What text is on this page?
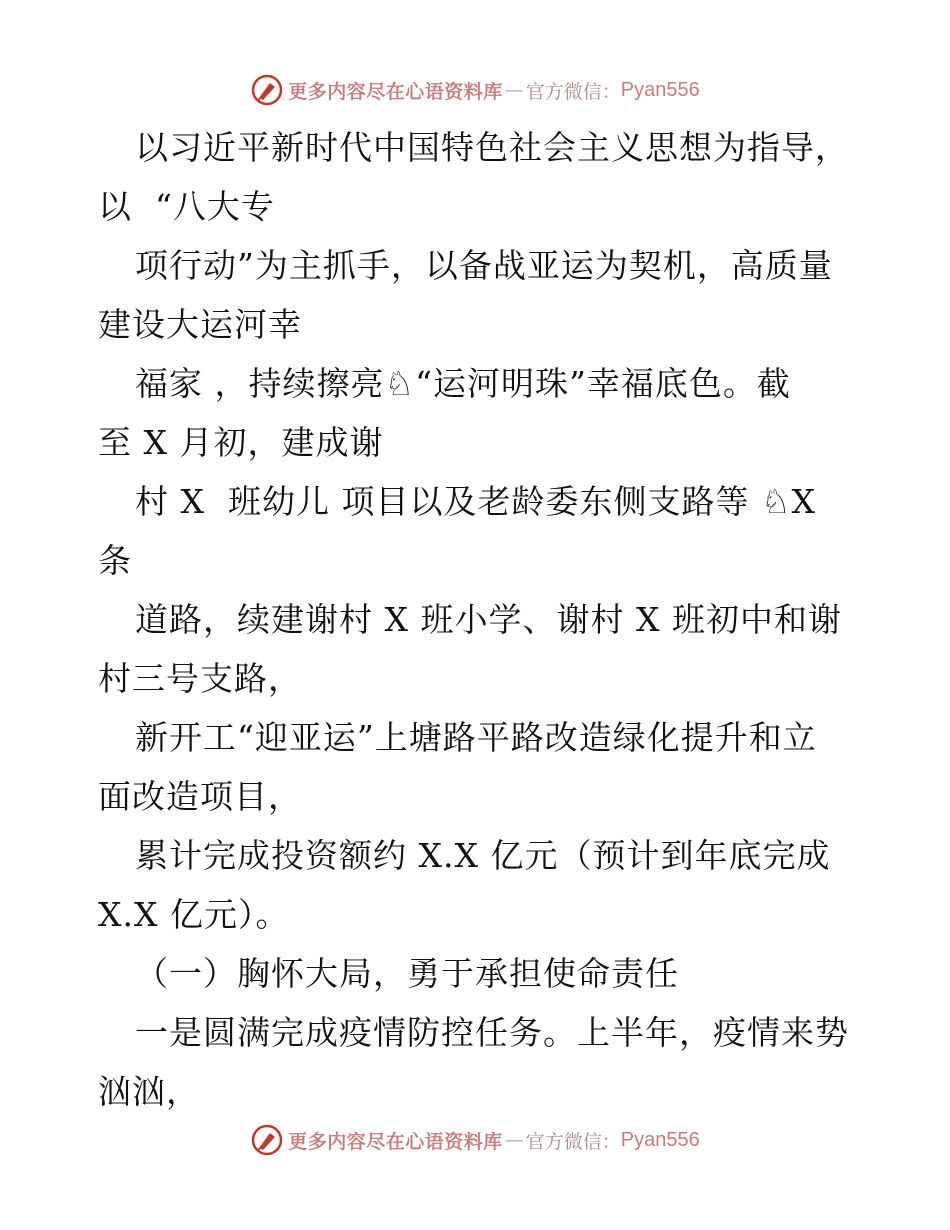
更多内容尽在心语资料库 — 官方微信： Pyan556
以习近平新时代中国特色社会主义思想为指导，
以  “八大专
项行动”为主抓手，以备战亚运为契机，高质量
建设大运河幸
福家 ，持续擦亮♘“运河明珠”幸福底色。截
至 X 月初，建成谢
村 X  班幼儿 项目以及老龄委东侧支路等 ♘X
条
道路，续建谢村 X 班小学、谢村 X 班初中和谢
村三号支路，
新开工“迎亚运”上塘路平路改造绿化提升和立
面改造项目，
累计完成投资额约 X.X 亿元（预计到年底完成
X.X 亿元）。
（一）胸怀大局，勇于承担使命责任
一是圆满完成疫情防控任务。上半年，疫情来势
汹汹，
更多内容尽在心语资料库 — 官方微信： Pyan556
